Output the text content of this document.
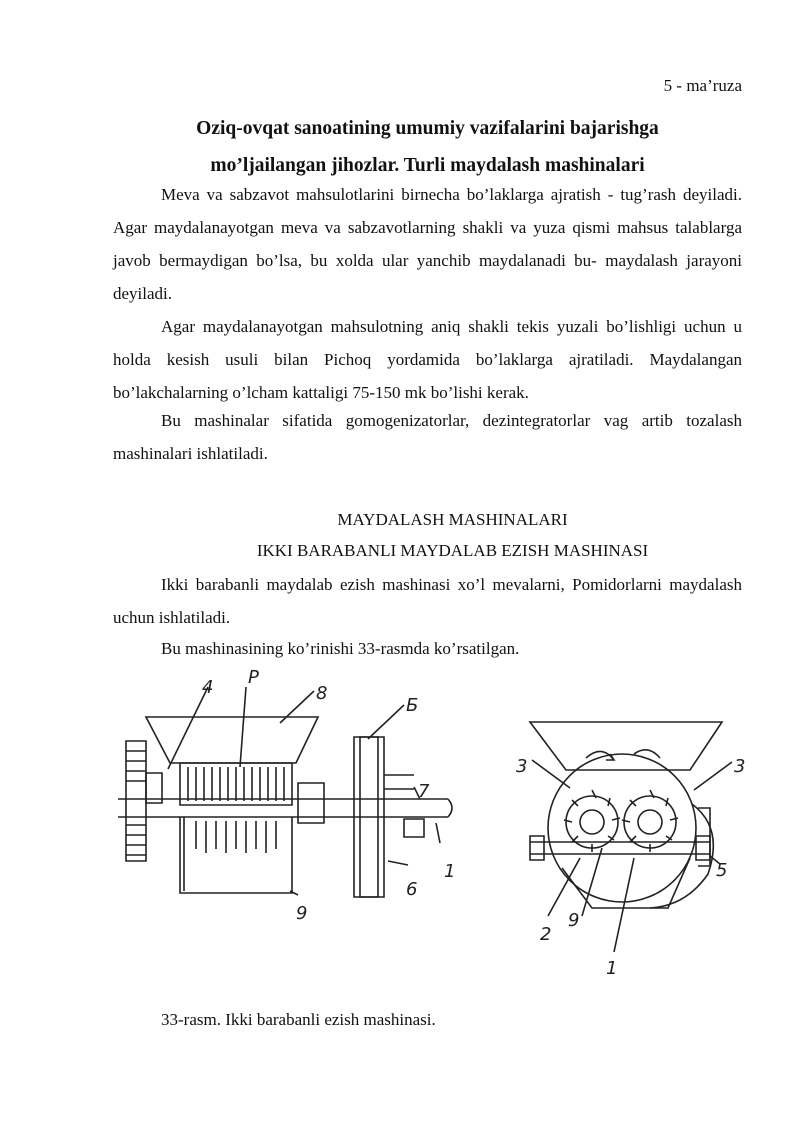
5 - ma’ruza
Oziq-ovqat sanoatining umumiy vazifalarini bajarishga
mo’ljailangan jihozlar. Turli maydalash mashinalari

Meva va sabzavot mahsulotlarini birnecha bo’laklarga ajratish - tug’rash deyiladi. Agar maydalanayotgan meva va sabzavotlarning shakli va yuza qismi mahsus talablarga javob bermaydigan bo’lsa, bu xolda ular yanchib maydalanadi bu- maydalash jarayoni deyiladi.

Agar maydalanayotgan mahsulotning aniq shakli tekis yuzali bo’lishligi uchun u holda kesish usuli bilan Pichoq yordamida bo’laklarga ajratiladi. Maydalangan bo’lakchalarning o’lcham kattaligi 75-150 mk bo’lishi kerak.

Bu mashinalar sifatida gomogenizatorlar, dezintegratorlar vag artib tozalash mashinalari ishlatiladi.

MAYDALASH MASHINALARI
IKKI BARABANLI MAYDALAB EZISH MASHINASI

Ikki barabanli maydalab ezish mashinasi xo’l mevalarni, Pomidorlarni maydalash uchun ishlatiladi.

Bu mashinasining ko’rinishi 33-rasmda ko’rsatilgan.

4 P
8
Б
7
1
6
9
3	3
5
2
9
1
33-rasm. Ikki barabanli ezish mashinasi.
